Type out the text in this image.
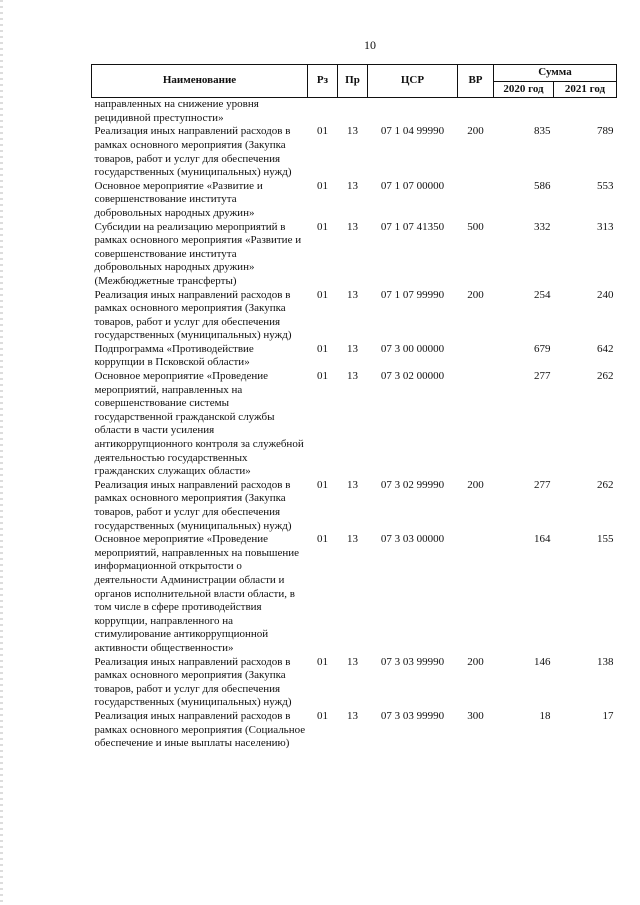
10
Наименование	Рз	Пр	ЦСР	ВР	Сумма	
					2020 год	2021 год
направленных на снижение уровня рецидивной преступности»						
Реализация иных направлений расходов в рамках основного мероприятия (Закупка товаров, работ и услуг для обеспечения государственных (муниципальных) нужд)	01	13	07 1 04 99990	200	835	789
Основное мероприятие «Развитие и совершенствование института добровольных народных дружин»	01	13	07 1 07 00000		586	553
Субсидии на реализацию мероприятий в рамках основного мероприятия «Развитие и совершенствование института добровольных народных дружин» (Межбюджетные трансферты)	01	13	07 1 07 41350	500	332	313
Реализация иных направлений расходов в рамках основного мероприятия (Закупка товаров, работ и услуг для обеспечения государственных (муниципальных) нужд)	01	13	07 1 07 99990	200	254	240
Подпрограмма «Противодействие коррупции в Псковской области»	01	13	07 3 00 00000		679	642
Основное мероприятие «Проведение мероприятий, направленных на совершенствование системы государственной гражданской службы области в части усиления антикоррупционного контроля за служебной деятельностью государственных гражданских служащих области»	01	13	07 3 02 00000		277	262
Реализация иных направлений расходов в рамках основного мероприятия (Закупка товаров, работ и услуг для обеспечения государственных (муниципальных) нужд)	01	13	07 3 02 99990	200	277	262
Основное мероприятие «Проведение мероприятий, направленных на повышение информационной открытости о деятельности Администрации области и органов исполнительной власти области, в том числе в сфере противодействия коррупции, направленного на стимулирование антикоррупционной активности общественности»	01	13	07 3 03 00000		164	155
Реализация иных направлений расходов в рамках основного мероприятия (Закупка товаров, работ и услуг для обеспечения государственных (муниципальных) нужд)	01	13	07 3 03 99990	200	146	138
Реализация иных направлений расходов в рамках основного мероприятия (Социальное обеспечение и иные выплаты населению)	01	13	07 3 03 99990	300	18	17
